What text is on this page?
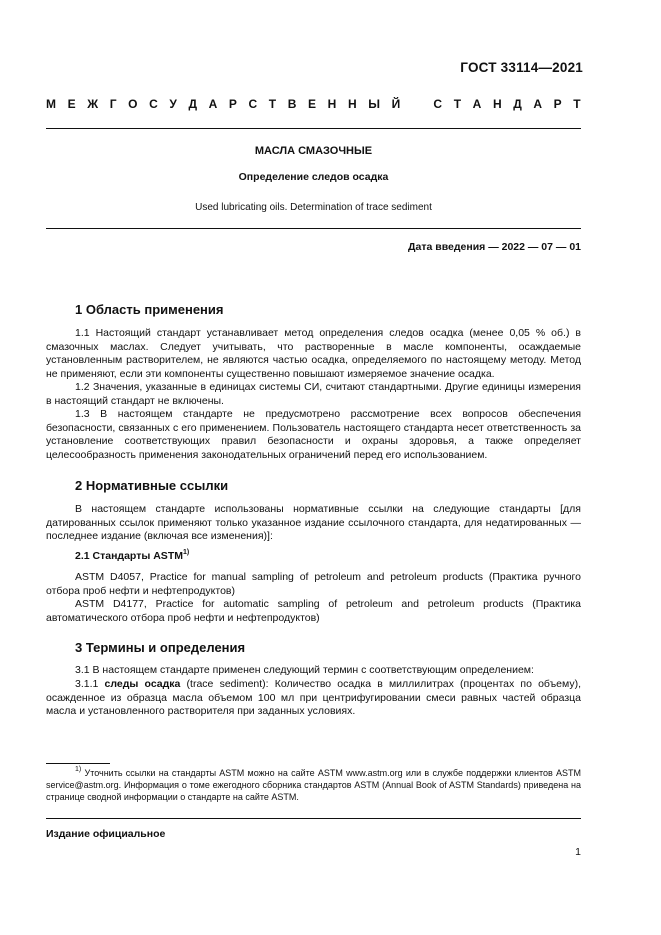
ГОСТ 33114—2021
М Е Ж Г О С У Д А Р С Т В Е Н Н Ы Й	С Т А Н Д А Р Т
МАСЛА СМАЗОЧНЫЕ
Определение следов осадка
Used lubricating oils. Determination of trace sediment
Дата введения — 2022 — 07 — 01
1 Область применения

1.1 Настоящий стандарт устанавливает метод определения следов осадка (менее 0,05 % об.) в смазочных маслах. Следует учитывать, что растворенные в масле компоненты, осаждаемые установленным растворителем, не являются частью осадка, определяемого по настоящему методу. Метод не применяют, если эти компоненты существенно повышают измеряемое значение осадка.

1.2 Значения, указанные в единицах системы СИ, считают стандартными. Другие единицы измерения в настоящий стандарт не включены.

1.3 В настоящем стандарте не предусмотрено рассмотрение всех вопросов обеспечения безопасности, связанных с его применением. Пользователь настоящего стандарта несет ответственность за установление соответствующих правил безопасности и охраны здоровья, а также определяет целесообразность применения законодательных ограничений перед его использованием.

2 Нормативные ссылки

В настоящем стандарте использованы нормативные ссылки на следующие стандарты [для датированных ссылок применяют только указанное издание ссылочного стандарта, для недатированных — последнее издание (включая все изменения)]:

2.1 Стандарты ASTM$^{1)}$

ASTM D4057, Practice for manual sampling of petroleum and petroleum products (Практика ручного отбора проб нефти и нефтепродуктов)

ASTM D4177, Practice for automatic sampling of petroleum and petroleum products (Практика автоматического отбора проб нефти и нефтепродуктов)

3 Термины и определения

3.1 В настоящем стандарте применен следующий термин с соответствующим определением:

3.1.1 следы осадка (trace sediment): Количество осадка в миллилитрах (процентах по объему), осажденное из образца масла объемом 100 мл при центрифугировании смеси равных частей образца масла и установленного растворителя при заданных условиях.

$^{1)}$ Уточнить ссылки на стандарты ASTM можно на сайте ASTM www.astm.org или в службе поддержки клиентов ASTM service@astm.org. Информация о томе ежегодного сборника стандартов ASTM (Annual Book of ASTM Standards) приведена на странице сводной информации о стандарте на сайте ASTM.

Издание официальное
1
